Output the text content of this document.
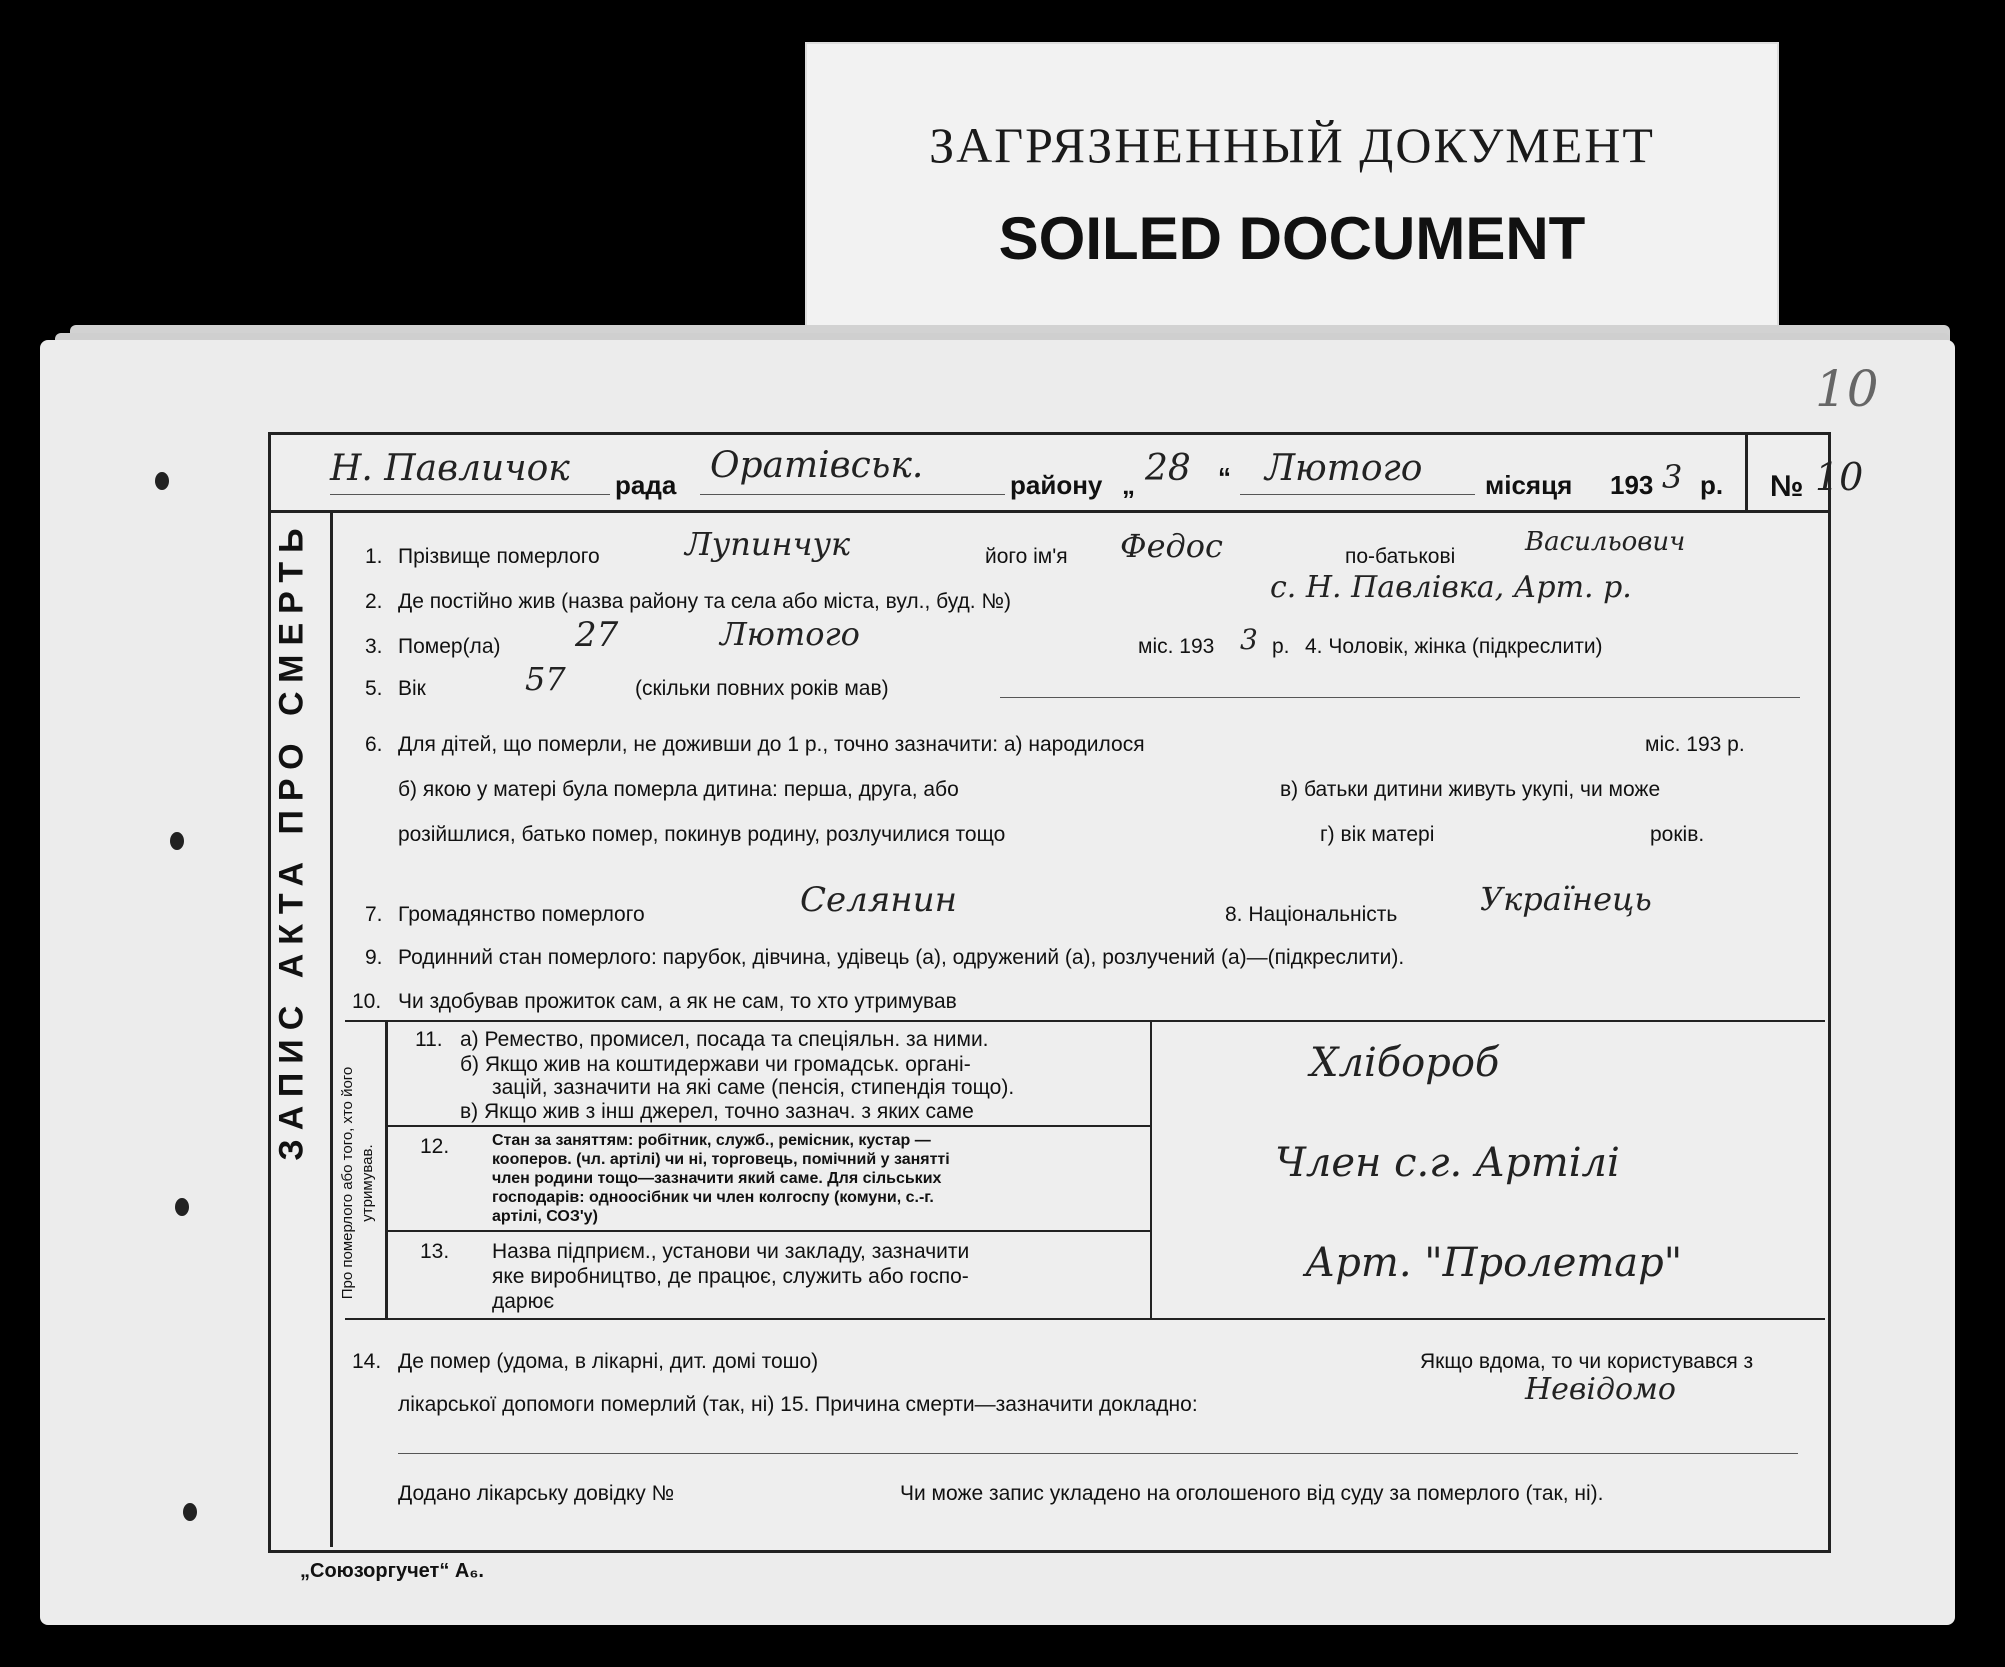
ЗАГРЯЗНЕННЫЙ ДОКУМЕНТ
SOILED DOCUMENT
10
Н. Павличок рада Оратівськ.	району „ 28 “ Лютого місяця 193 3 р. № 10
ЗАПИС АКТА ПРО СМЕРТЬ
Про померлого або того, хто його утримував.
1. Прізвище померлого	Лупинчук	його ім'я Федос	по-батькові	Васильович
2. Де постійно жив (назва району та села або міста, вул., буд. №)	с. Н. Павлівка, Арт. р.
3. Помер(ла) 27	Лютого	міс. 193 3 р. 4. Чоловік, жінка (підкреслити)
5. Вік	57	(скільки повних років мав)
6. Для дітей, що померли, не доживши до 1 р., точно зазначити: а) народилося	міс. 193 р.
б) якою у матері була померла дитина: перша, друга, або	в) батьки дитини живуть укупі, чи може
розійшлися, батько помер, покинув родину, розлучилися тощо	г) вік матері	років.
7. Громадянство померлого	Селянин	8. Національність	Українець
9. Родинний стан померлого: парубок, дівчина, удівець (а), одружений (а), розлучений (а)—(підкреслити).
10. Чи здобував прожиток сам, а як не сам, то хто утримував
11. а) Ремество, промисел, посада та спеціяльн. за ними.
б) Якщо жив на коштидержави чи громадськ. органі-
зацій, зазначити на які саме (пенсія, стипендія тощо).
в) Якщо жив з інш джерел, точно зазнач. з яких саме
Хлібороб
12.	Стан за заняттям: робітник, служб., ремісник, кустар —
кооперов. (чл. артілі) чи ні, торговець, помічний у занятті
член родини тощо—зазначити який саме. Для сільських
господарів: одноосібник чи член колгоспу (комуни, с.-г.
артілі, СОЗ'у)
Член с.г. Артілі
13. Назва підприєм., установи чи закладу, зазначити
яке виробництво, де працює, служить або госпо-
дарює
Арт. "Пролетар"
14. Де помер (удома, в лікарні, дит. домі тошо)	Якщо вдома, то чи користувався з
лікарської допомоги померлий (так, ні) 15. Причина смерти—зазначити докладно:	Невідомо
Додано лікарську довідку №	Чи може запис укладено на оголошеного від суду за померлого (так, ні).
„Союзоргучет“ А₆.
